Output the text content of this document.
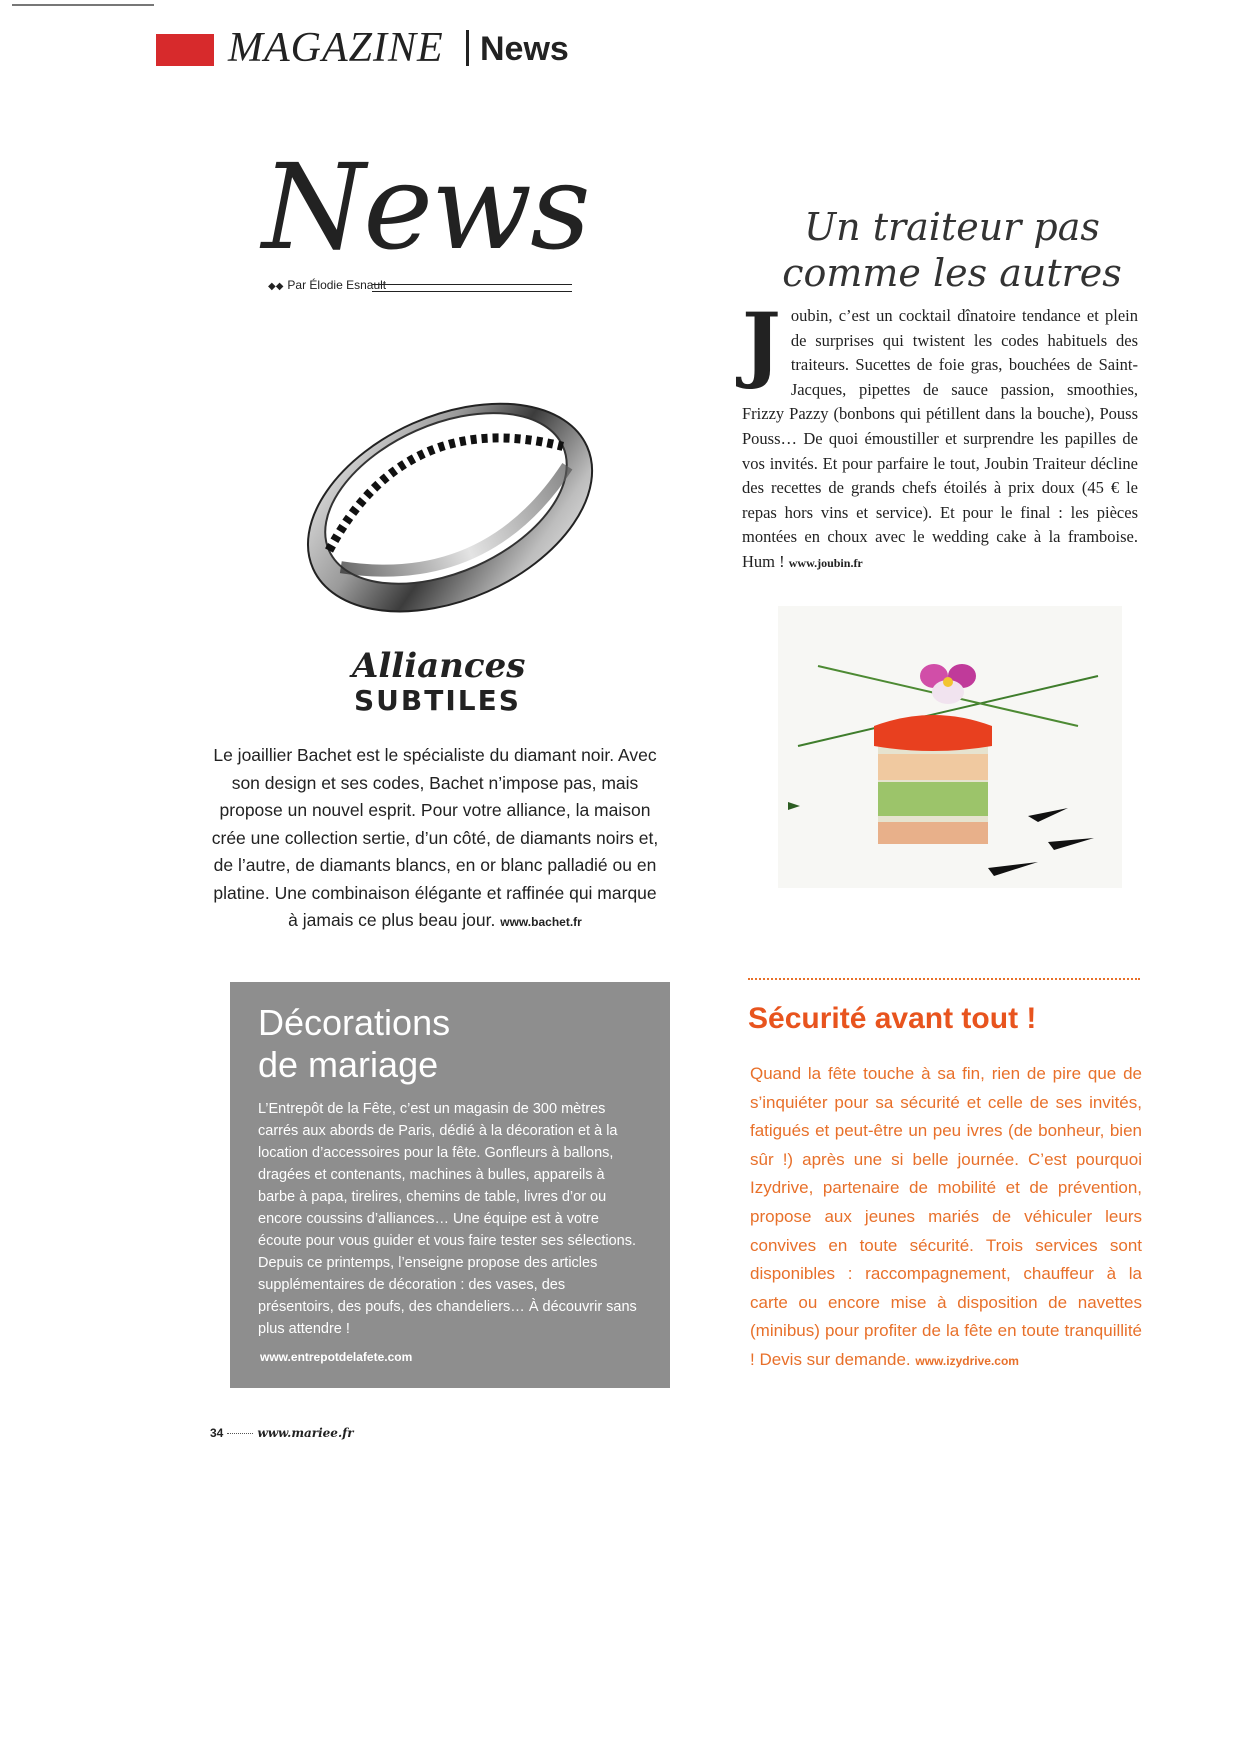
MAGAZINE News
News
◆◆ Par Élodie Esnault
Alliances
SUBTILES
Le joaillier Bachet est le spécialiste du diamant noir. Avec son design et ses codes, Bachet n’impose pas, mais propose un nouvel esprit. Pour votre alliance, la maison crée une collection sertie, d’un côté, de diamants noirs et, de l’autre, de diamants blancs, en or blanc palladié ou en platine. Une combinaison élégante et raffinée qui marque à jamais ce plus beau jour. www.bachet.fr
Un traiteur pas comme les autres
Joubin, c’est un cocktail dînatoire tendance et plein de surprises qui twistent les codes habituels des traiteurs. Sucettes de foie gras, bouchées de Saint-Jacques, pipettes de sauce passion, smoothies, Frizzy Pazzy (bonbons qui pétillent dans la bouche), Pouss Pouss… De quoi émoustiller et surprendre les papilles de vos invités. Et pour parfaire le tout, Joubin Traiteur décline des recettes de grands chefs étoilés à prix doux (45 € le repas hors vins et service). Et pour le final : les pièces montées en choux avec le wedding cake à la framboise. Hum ! www.joubin.fr
Décorations
de mariage
L’Entrepôt de la Fête, c’est un magasin de 300 mètres carrés aux abords de Paris, dédié à la décoration et à la location d’accessoires pour la fête. Gonfleurs à ballons, dragées et contenants, machines à bulles, appareils à barbe à papa, tirelires, chemins de table, livres d’or ou encore coussins d’alliances… Une équipe est à votre écoute pour vous guider et vous faire tester ses sélections. Depuis ce printemps, l’enseigne propose des articles supplémentaires de décoration : des vases, des présentoirs, des poufs, des chandeliers… À découvrir sans plus attendre !
www.entrepotdelafete.com
Sécurité avant tout !
Quand la fête touche à sa fin, rien de pire que de s’inquiéter pour sa sécurité et celle de ses invités, fatigués et peut-être un peu ivres (de bonheur, bien sûr !) après une si belle journée. C’est pourquoi Izydrive, partenaire de mobilité et de prévention, propose aux jeunes mariés de véhiculer leurs convives en toute sécurité. Trois services sont disponibles : raccompagnement, chauffeur à la carte ou encore mise à disposition de navettes (minibus) pour profiter de la fête en toute tranquillité ! Devis sur demande. www.izydrive.com
34	www.mariee.fr
